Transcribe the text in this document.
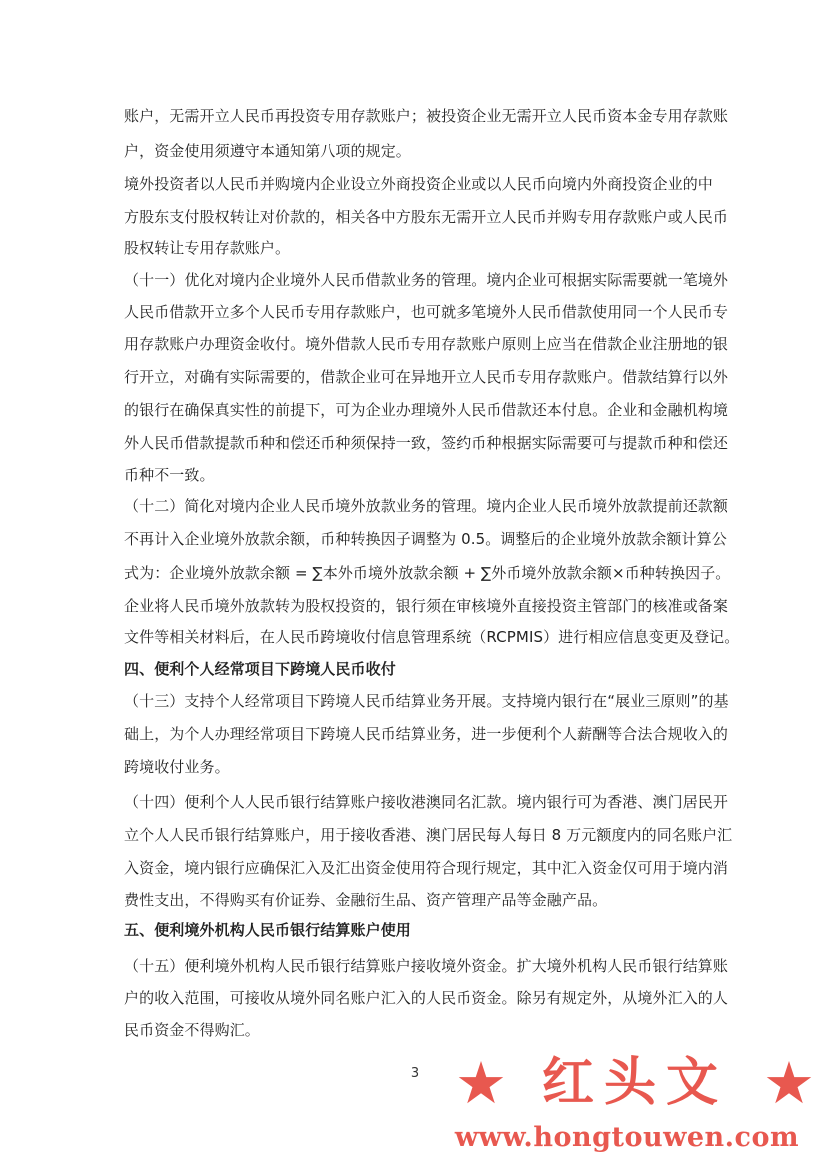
账户，无需开立人民币再投资专用存款账户；被投资企业无需开立人民币资本金专用存款账
户，资金使用须遵守本通知第八项的规定。
境外投资者以人民币并购境内企业设立外商投资企业或以人民币向境内外商投资企业的中
方股东支付股权转让对价款的，相关各中方股东无需开立人民币并购专用存款账户或人民币
股权转让专用存款账户。
（十一）优化对境内企业境外人民币借款业务的管理。境内企业可根据实际需要就一笔境外
人民币借款开立多个人民币专用存款账户，也可就多笔境外人民币借款使用同一个人民币专
用存款账户办理资金收付。境外借款人民币专用存款账户原则上应当在借款企业注册地的银
行开立，对确有实际需要的，借款企业可在异地开立人民币专用存款账户。借款结算行以外
的银行在确保真实性的前提下，可为企业办理境外人民币借款还本付息。企业和金融机构境
外人民币借款提款币种和偿还币种须保持一致，签约币种根据实际需要可与提款币种和偿还
币种不一致。
（十二）简化对境内企业人民币境外放款业务的管理。境内企业人民币境外放款提前还款额
不再计入企业境外放款余额，币种转换因子调整为 0.5。调整后的企业境外放款余额计算公
式为：企业境外放款余额 = ∑本外币境外放款余额 + ∑外币境外放款余额×币种转换因子。
企业将人民币境外放款转为股权投资的，银行须在审核境外直接投资主管部门的核准或备案
文件等相关材料后，在人民币跨境收付信息管理系统（RCPMIS）进行相应信息变更及登记。
四、便利个人经常项目下跨境人民币收付
（十三）支持个人经常项目下跨境人民币结算业务开展。支持境内银行在“展业三原则”的基
础上，为个人办理经常项目下跨境人民币结算业务，进一步便利个人薪酬等合法合规收入的
跨境收付业务。
（十四）便利个人人民币银行结算账户接收港澳同名汇款。境内银行可为香港、澳门居民开
立个人人民币银行结算账户，用于接收香港、澳门居民每人每日 8 万元额度内的同名账户汇
入资金，境内银行应确保汇入及汇出资金使用符合现行规定，其中汇入资金仅可用于境内消
费性支出，不得购买有价证券、金融衍生品、资产管理产品等金融产品。
五、便利境外机构人民币银行结算账户使用
（十五）便利境外机构人民币银行结算账户接收境外资金。扩大境外机构人民币银行结算账
户的收入范围，可接收从境外同名账户汇入的人民币资金。除另有规定外，从境外汇入的人
民币资金不得购汇。
3 ★ 红头文 ★
www.hongtouwen.com
